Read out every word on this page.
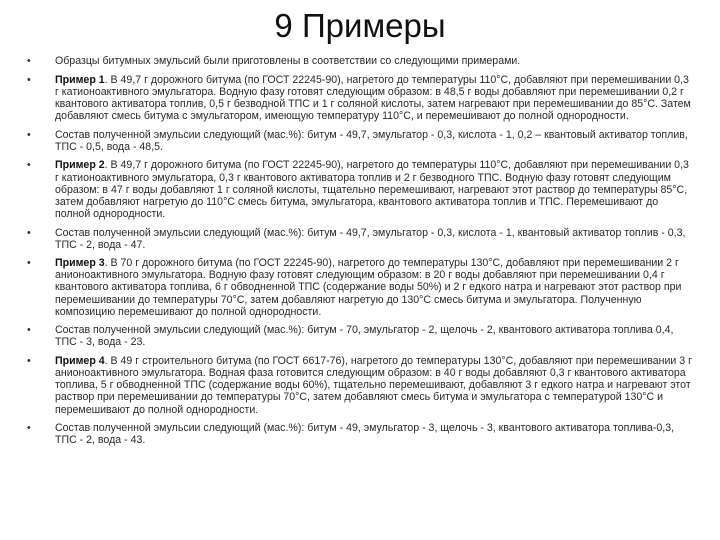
9 Примеры
• Образцы битумных эмульсий были приготовлены в соответствии со следующими примерами.
• Пример 1. В 49,7 г дорожного битума (по ГОСТ 22245-90), нагретого до температуры 110°С, добавляют при перемешивании 0,3 г катионоактивного эмульгатора. Водную фазу готовят следующим образом: в 48,5 г воды добавляют при перемешивании 0,2 г квантового активатора топлив, 0,5 г безводной ТПС и 1 г соляной кислоты, затем нагревают при перемешивании до 85°С. Затем добавляют смесь битума с эмульгатором, имеющую температуру 110°С, и перемешивают до полной однородности.
• Состав полученной эмульсии следующий (мас.%): битум - 49,7, эмульгатор - 0,3, кислота - 1, 0,2 – квантовый активатор топлив, ТПС - 0,5, вода - 48,5.
• Пример 2. В 49,7 г дорожного битума (по ГОСТ 22245-90), нагретого до температуры 110°С, добавляют при перемешивании 0,3 г катионоактивного эмульгатора, 0,3 г квантового активатора топлив и 2 г безводного ТПС. Водную фазу готовят следующим образом: в 47 г воды добавляют 1 г соляной кислоты, тщательно перемешивают, нагревают этот раствор до температуры 85°С, затем добавляют нагретую до 110°С смесь битума, эмульгатора, квантового активатора топлив и ТПС. Перемешивают до полной однородности.
• Состав полученной эмульсии следующий (мас.%): битум - 49,7, эмульгатор - 0,3, кислота - 1, квантовый активатор топлив - 0,3, ТПС - 2, вода - 47.
• Пример 3. В 70 г дорожного битума (по ГОСТ 22245-90), нагретого до температуры 130°С, добавляют при перемешивании 2 г анионоактивного эмульгатора. Водную фазу готовят следующим образом: в 20 г воды добавляют при перемешивании 0,4 г квантового активатора топлива, 6 г обводненной ТПС (содержание воды 50%) и 2 г едкого натра и нагревают этот раствор при перемешивании до температуры 70°С, затем добавляют нагретую до 130°С смесь битума и эмульгатора. Полученную композицию перемешивают до полной однородности.
• Состав полученной эмульсии следующий (мас.%): битум - 70, эмульгатор - 2, щелочь - 2, квантового активатора топлива 0,4, ТПС - 3, вода - 23.
• Пример 4. В 49 г строительного битума (по ГОСТ 6617-76), нагретого до температуры 130°С, добавляют при перемешивании 3 г анионоактивного эмульгатора. Водная фаза готовится следующим образом: в 40 г воды добавляют 0,3 г квантового активатора топлива, 5 г обводненной ТПС (содержание воды 60%), тщательно перемешивают, добавляют 3 г едкого натра и нагревают этот раствор при перемешивании до температуры 70°С, затем добавляют смесь битума и эмульгатора с температурой 130°С и перемешивают до полной однородности.
• Состав полученной эмульсии следующий (мас.%): битум - 49, эмульгатор - 3, щелочь - 3, квантового активатора топлива-0,3, ТПС - 2, вода - 43.
